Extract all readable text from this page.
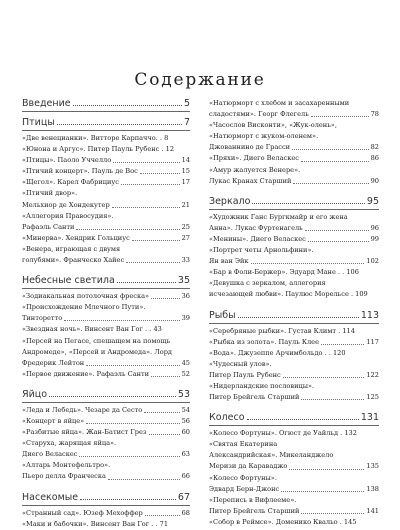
Содержание
Введение	5
Птицы	7
«Две венецианки». Витторе Карпаччо. . 8
«Юнона и Аргус». Питер Пауль Рубенс . 12
«Птицы». Паоло Уччелло	14
«Птичий концерт». Пауль де Вос	15
«Щегол». Карел Фабрициус	17
«Птичий двор».
Мельхиор де Хондекутер	21
«Аллегория Правосудия».
Рафаэль Санти	25
«Минерва». Хендрик Гольциус	27
«Венера, играющая с двумя
голубями». Франческо Хайес	33
Небесные светила	35
«Зодиакальная потолочная фреска»	36
«Происхождение Млечного Пути».
Тинторетто	39
«Звездная ночь». Винсент Ван Гог . . 43
«Персей на Пегасе, спешащем на помощь
Андромеде», «Персей и Андромеда». Лорд
Фредерик Лейтон	45
«Первое движение». Рафаэль Санти	52
Яйцо	53
«Леда и Лебедь». Чезаре да Сесто	54
«Концерт в яйце»	56
«Разбитые яйца». Жан-Батист Грез	60
«Старуха, жарящая яйца».
Диего Веласкес	63
«Алтарь Монтефельтро».
Пьеро делла Франческа	66
Насекомые	67
«Странный сад». Юзеф Мехоффер	68
«Маки и бабочки». Винсент Ван Гог . . 71
«Натюрморт с хлебом и засахаренными
сладостями». Георг Флегель	78
«Часослов Висконти», «Жук-олень»,
«Натюрморт с жуком-оленем».
Джованнино де Грасси	82
«Пряхи». Диего Веласкес	86
«Амур жалуется Венере».
Лукас Кранах Старший	90
Зеркало	95
«Художник Ганс Бургкмайр и его жена
Анна». Лукас Фуртенагель	96
«Менины». Диего Веласкес	99
«Портрет четы Арнольфини».
Ян ван Эйк	102
«Бар в Фоли-Бержер». Эдуард Мане . . 106
«Девушка с зеркалом, аллегория
исчезающей любви». Паулюс Морельсе . 109
Рыбы	113
«Серебряные рыбки». Густав Климт . 114
«Рыбка из золота». Пауль Клее	117
«Вода». Джузеппе Арчимбольдо . . 120
«Чудесный улов».
Питер Пауль Рубенс	122
«Нидерландские пословицы».
Питер Брейгель Старший	125
Колесо	131
«Колесо Фортуны». Огюст де Уайльд . 132
«Святая Екатерина
Александрийская». Микеланджело
Меризи да Караваджо	135
«Колесо Фортуны».
Эдвард Берн-Джонс	138
«Перепись в Вифлееме».
Питер Брейгель Старший	141
«Собор в Реймсе». Доменико Квальо . 145
